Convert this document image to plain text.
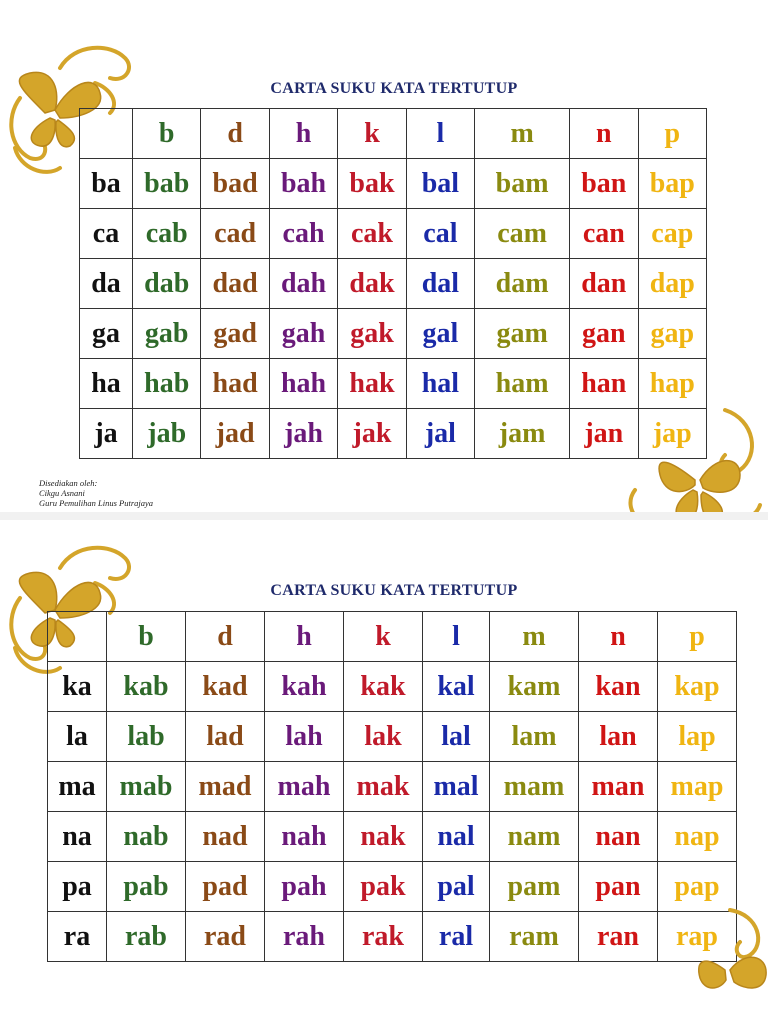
CARTA SUKU KATA TERTUTUP
	b	d	h	k	l	m	n	p
ba	bab	bad	bah	bak	bal	bam	ban	bap
ca	cab	cad	cah	cak	cal	cam	can	cap
da	dab	dad	dah	dak	dal	dam	dan	dap
ga	gab	gad	gah	gak	gal	gam	gan	gap
ha	hab	had	hah	hak	hal	ham	han	hap
ja	jab	jad	jah	jak	jal	jam	jan	jap
Disediakan oleh:
Cikgu Asnani
Guru Pemulihan Linus Putrajaya
CARTA SUKU KATA TERTUTUP
	b	d	h	k	l	m	n	p
ka	kab	kad	kah	kak	kal	kam	kan	kap
la	lab	lad	lah	lak	lal	lam	lan	lap
ma	mab	mad	mah	mak	mal	mam	man	map
na	nab	nad	nah	nak	nal	nam	nan	nap
pa	pab	pad	pah	pak	pal	pam	pan	pap
ra	rab	rad	rah	rak	ral	ram	ran	rap
